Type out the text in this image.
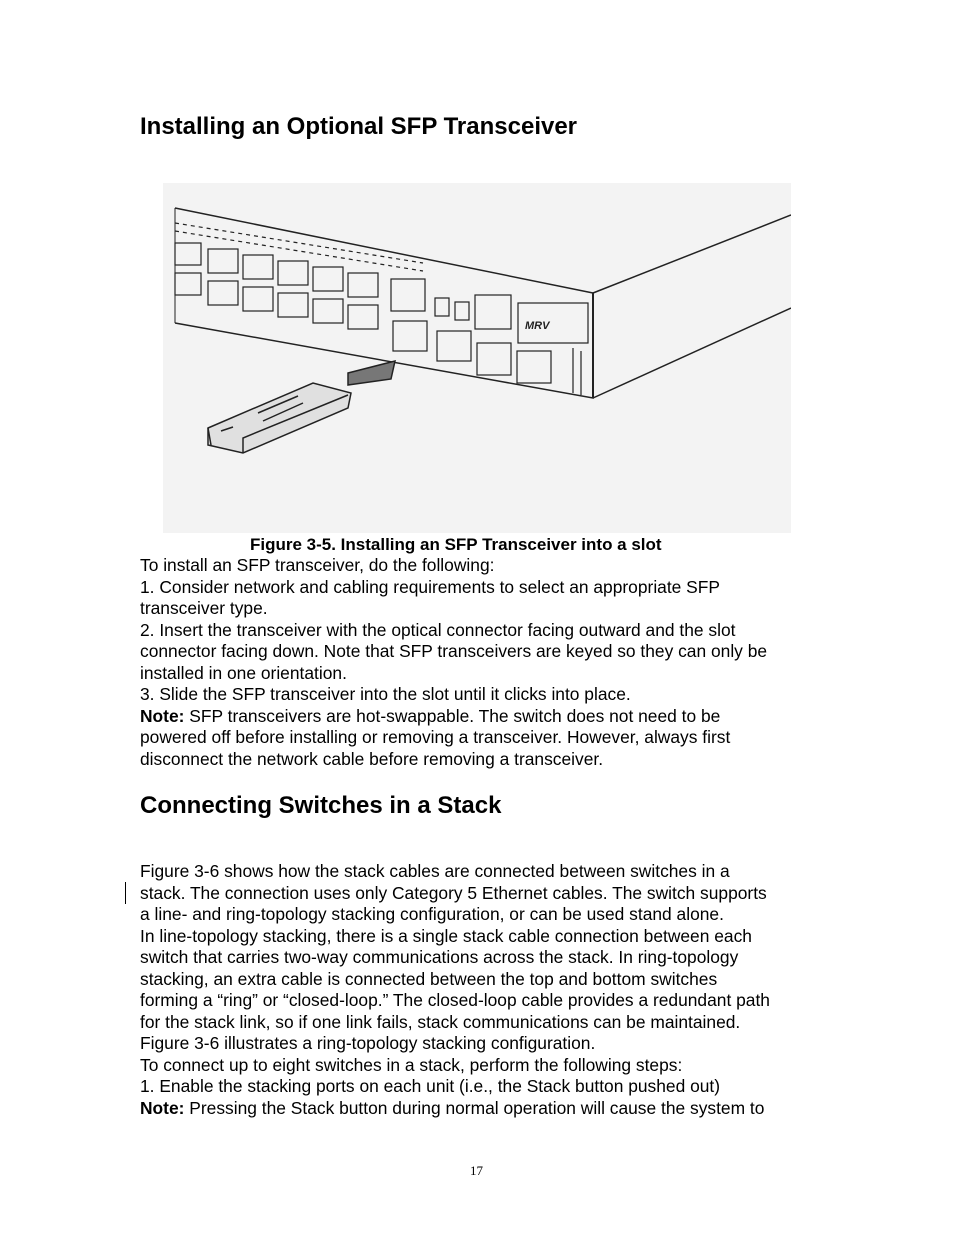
Installing an Optional SFP Transceiver
MRV
Figure 3-5. Installing an SFP Transceiver into a slot
To install an SFP transceiver, do the following:
1. Consider network and cabling requirements to select an appropriate SFP
transceiver type.
2. Insert the transceiver with the optical connector facing outward and the slot
connector facing down. Note that SFP transceivers are keyed so they can only be
installed in one orientation.
3. Slide the SFP transceiver into the slot until it clicks into place.
Note: SFP transceivers are hot-swappable. The switch does not need to be
powered off before installing or removing a transceiver. However, always first
disconnect the network cable before removing a transceiver.
Connecting Switches in a Stack
Figure 3-6 shows how the stack cables are connected between switches in a
stack. The connection uses only Category 5 Ethernet cables. The switch supports
a line- and ring-topology stacking configuration, or can be used stand alone.
In line-topology stacking, there is a single stack cable connection between each
switch that carries two-way communications across the stack. In ring-topology
stacking, an extra cable is connected between the top and bottom switches
forming a “ring” or “closed-loop.” The closed-loop cable provides a redundant path
for the stack link, so if one link fails, stack communications can be maintained.
Figure 3-6 illustrates a ring-topology stacking configuration.
To connect up to eight switches in a stack, perform the following steps:
1. Enable the stacking ports on each unit (i.e., the Stack button pushed out)
Note: Pressing the Stack button during normal operation will cause the system to
17
